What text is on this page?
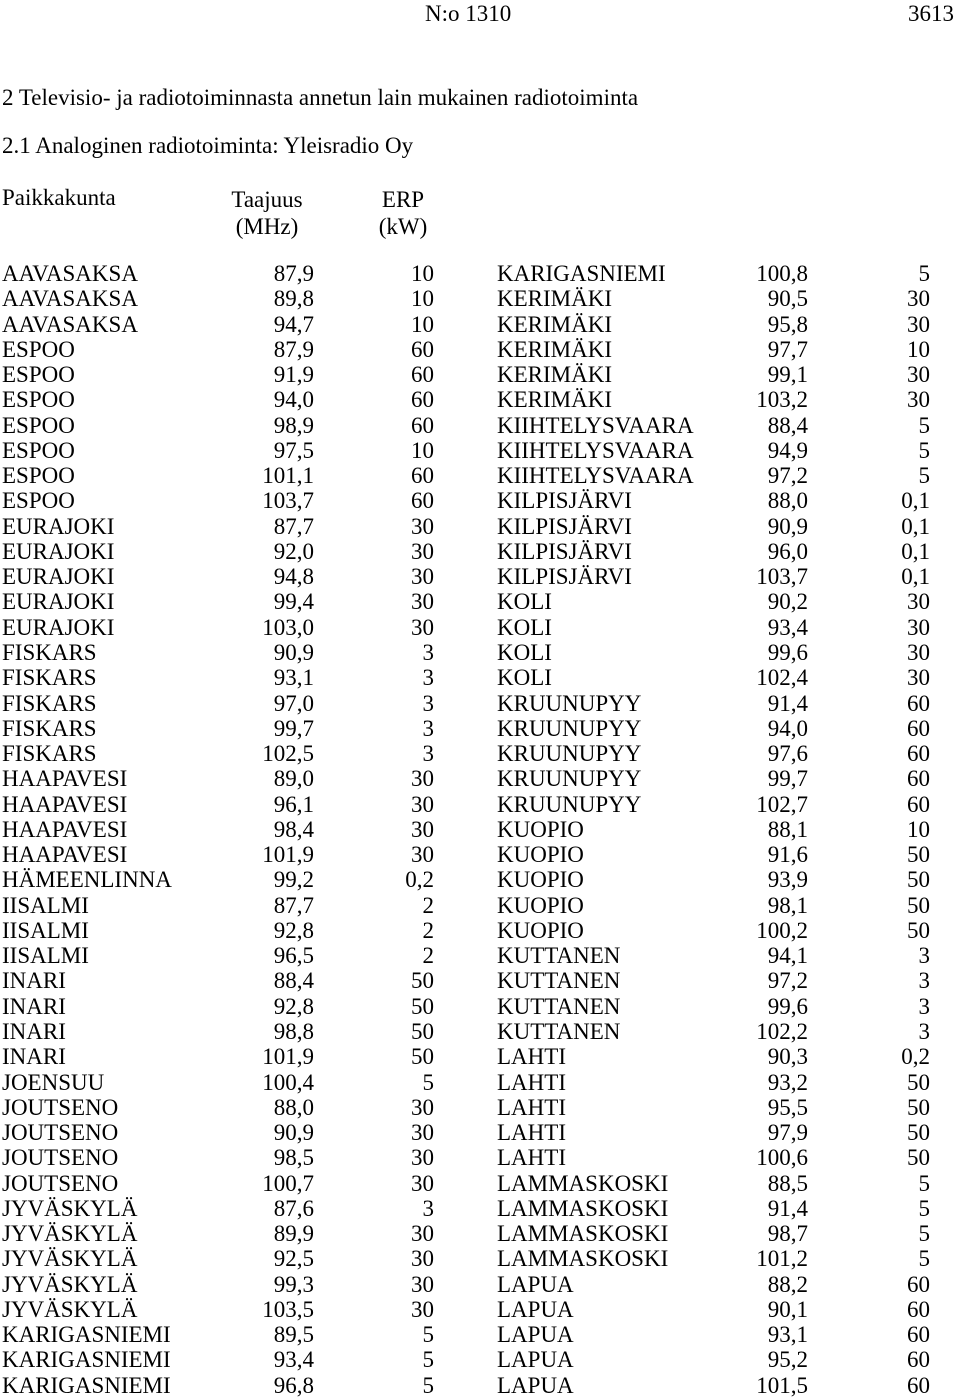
N:o 1310	3613
2 Televisio- ja radiotoiminnasta annetun lain mukainen radiotoiminta
2.1 Analoginen radiotoiminta: Yleisradio Oy
Paikkakunta	Taajuus
(MHz)
ERP
(kW)
AAVASAKSA	87,9	10
AAVASAKSA	89,8	10
AAVASAKSA	94,7	10
ESPOO	87,9	60
ESPOO	91,9	60
ESPOO	94,0	60
ESPOO	98,9	60
ESPOO	97,5	10
ESPOO	101,1	60
ESPOO	103,7	60
EURAJOKI	87,7	30
EURAJOKI	92,0	30
EURAJOKI	94,8	30
EURAJOKI	99,4	30
EURAJOKI	103,0	30
FISKARS	90,9	3
FISKARS	93,1	3
FISKARS	97,0	3
FISKARS	99,7	3
FISKARS	102,5	3
HAAPAVESI	89,0	30
HAAPAVESI	96,1	30
HAAPAVESI	98,4	30
HAAPAVESI	101,9	30
HÄMEENLINNA	99,2	0,2
IISALMI	87,7	2
IISALMI	92,8	2
IISALMI	96,5	2
INARI	88,4	50
INARI	92,8	50
INARI	98,8	50
INARI	101,9	50
JOENSUU	100,4	5
JOUTSENO	88,0	30
JOUTSENO	90,9	30
JOUTSENO	98,5	30
JOUTSENO	100,7	30
JYVÄSKYLÄ	87,6	3
JYVÄSKYLÄ	89,9	30
JYVÄSKYLÄ	92,5	30
JYVÄSKYLÄ	99,3	30
JYVÄSKYLÄ	103,5	30
KARIGASNIEMI	89,5	5
KARIGASNIEMI	93,4	5
KARIGASNIEMI	96,8	5
KARIGASNIEMI	100,8	5
KERIMÄKI	90,5	30
KERIMÄKI	95,8	30
KERIMÄKI	97,7	10
KERIMÄKI	99,1	30
KERIMÄKI	103,2	30
KIIHTELYSVAARA	88,4	5
KIIHTELYSVAARA	94,9	5
KIIHTELYSVAARA	97,2	5
KILPISJÄRVI	88,0	0,1
KILPISJÄRVI	90,9	0,1
KILPISJÄRVI	96,0	0,1
KILPISJÄRVI	103,7	0,1
KOLI	90,2	30
KOLI	93,4	30
KOLI	99,6	30
KOLI	102,4	30
KRUUNUPYY	91,4	60
KRUUNUPYY	94,0	60
KRUUNUPYY	97,6	60
KRUUNUPYY	99,7	60
KRUUNUPYY	102,7	60
KUOPIO	88,1	10
KUOPIO	91,6	50
KUOPIO	93,9	50
KUOPIO	98,1	50
KUOPIO	100,2	50
KUTTANEN	94,1	3
KUTTANEN	97,2	3
KUTTANEN	99,6	3
KUTTANEN	102,2	3
LAHTI	90,3	0,2
LAHTI	93,2	50
LAHTI	95,5	50
LAHTI	97,9	50
LAHTI	100,6	50
LAMMASKOSKI	88,5	5
LAMMASKOSKI	91,4	5
LAMMASKOSKI	98,7	5
LAMMASKOSKI	101,2	5
LAPUA	88,2	60
LAPUA	90,1	60
LAPUA	93,1	60
LAPUA	95,2	60
LAPUA	101,5	60
